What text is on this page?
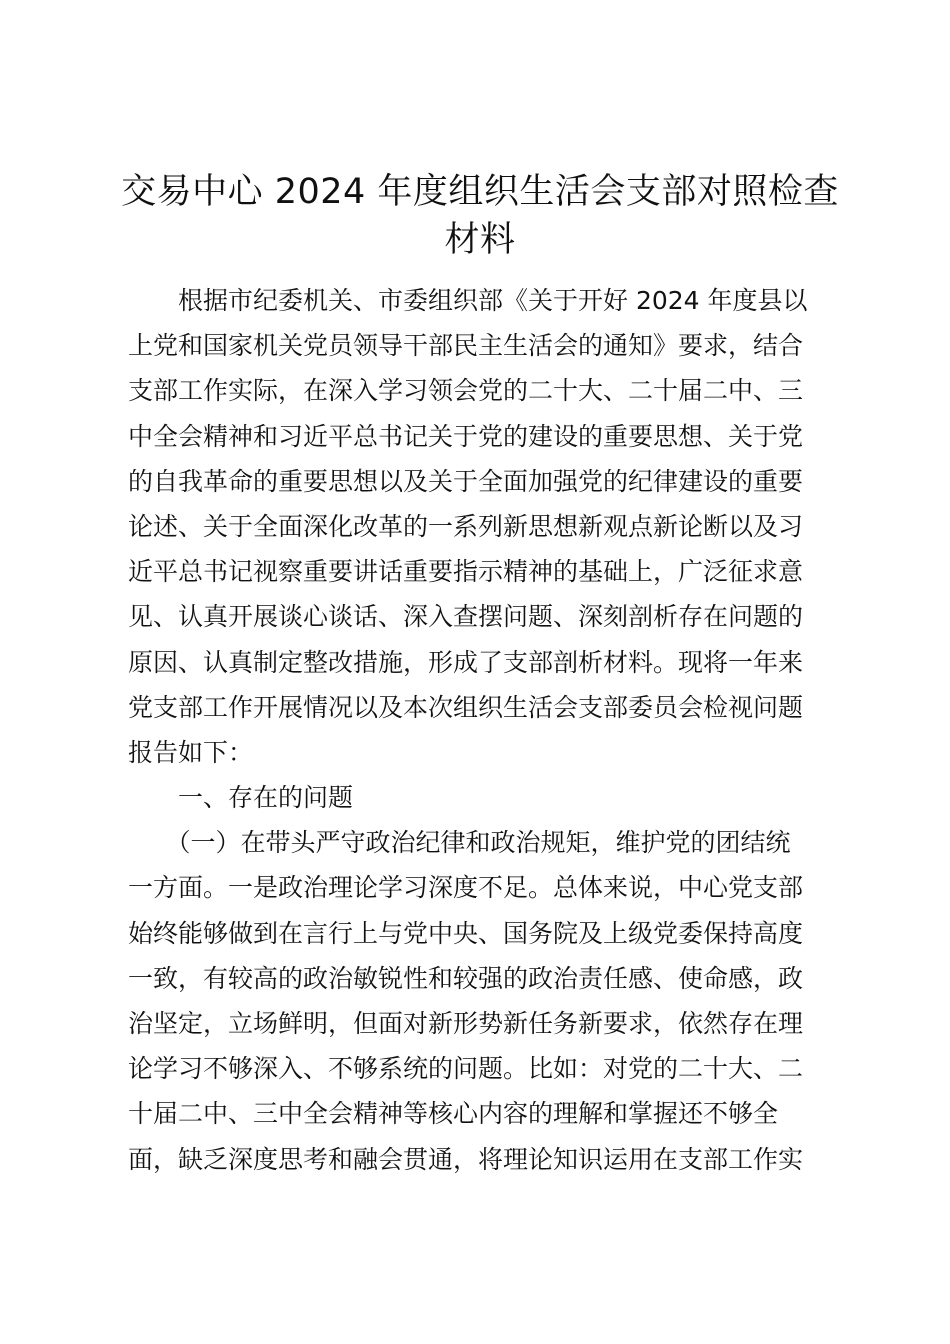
交易中心 2024 年度组织生活会支部对照检查
材料
　　根据市纪委机关、市委组织部《关于开好 2024 年度县以
上党和国家机关党员领导干部民主生活会的通知》要求，结合
支部工作实际，在深入学习领会党的二十大、二十届二中、三
中全会精神和习近平总书记关于党的建设的重要思想、关于党
的自我革命的重要思想以及关于全面加强党的纪律建设的重要
论述、关于全面深化改革的一系列新思想新观点新论断以及习
近平总书记视察重要讲话重要指示精神的基础上，广泛征求意
见、认真开展谈心谈话、深入查摆问题、深刻剖析存在问题的
原因、认真制定整改措施，形成了支部剖析材料。现将一年来
党支部工作开展情况以及本次组织生活会支部委员会检视问题
报告如下：
　　一、存在的问题
　　（一）在带头严守政治纪律和政治规矩，维护党的团结统
一方面。一是政治理论学习深度不足。总体来说，中心党支部
始终能够做到在言行上与党中央、国务院及上级党委保持高度
一致，有较高的政治敏锐性和较强的政治责任感、使命感，政
治坚定，立场鲜明，但面对新形势新任务新要求，依然存在理
论学习不够深入、不够系统的问题。比如：对党的二十大、二
十届二中、三中全会精神等核心内容的理解和掌握还不够全
面，缺乏深度思考和融会贯通，将理论知识运用在支部工作实
